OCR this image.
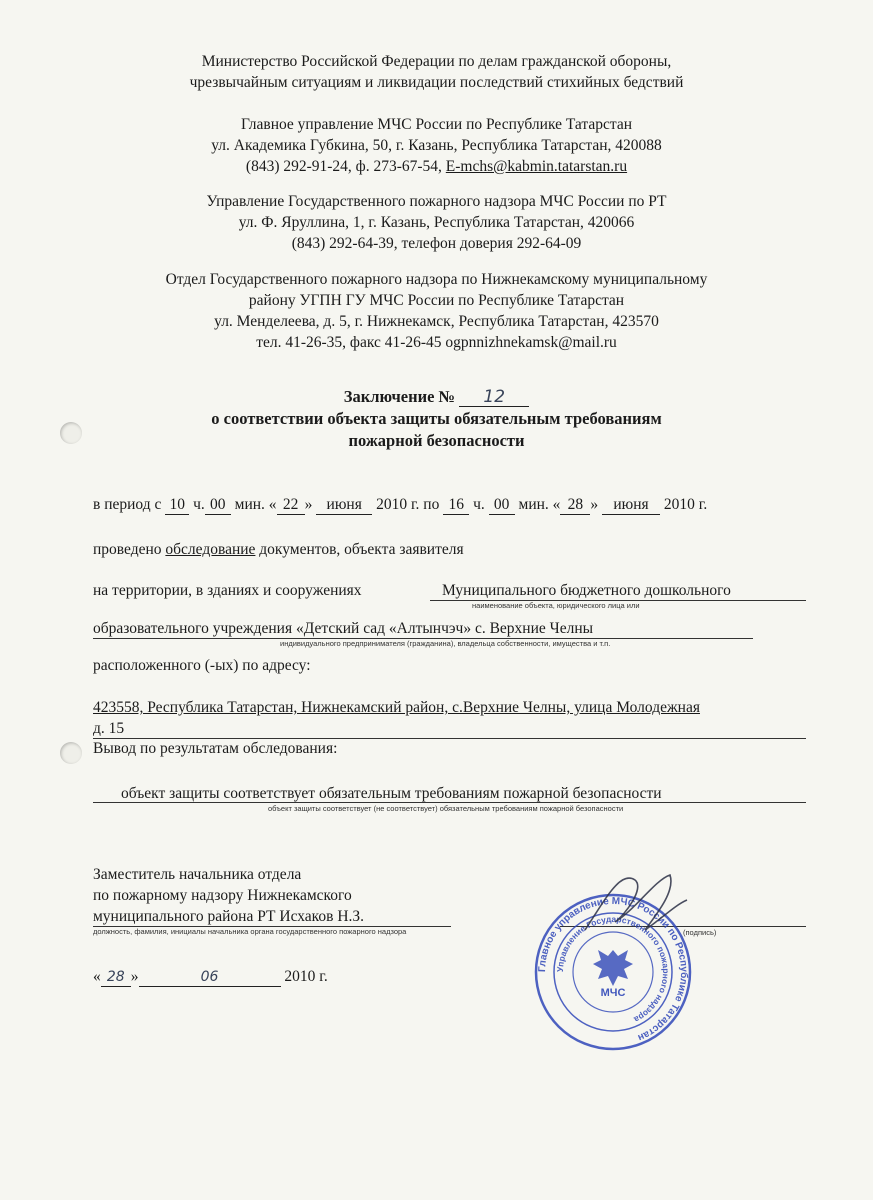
Министерство Российской Федерации по делам гражданской обороны,
чрезвычайным ситуациям и ликвидации последствий стихийных бедствий
Главное управление МЧС России по Республике Татарстан
ул. Академика Губкина, 50, г. Казань, Республика Татарстан, 420088
(843) 292-91-24, ф. 273-67-54, E-mchs@kabmin.tatarstan.ru
Управление Государственного пожарного надзора МЧС России по РТ
ул. Ф. Яруллина, 1, г. Казань, Республика Татарстан, 420066
(843) 292-64-39, телефон доверия 292-64-09
Отдел Государственного пожарного надзора по Нижнекамскому муниципальному
району УГПН ГУ МЧС России по Республике Татарстан
ул. Менделеева, д. 5, г. Нижнекамск, Республика Татарстан, 423570
тел. 41-26-35, факс 41-26-45 ogpnnizhnekamsk@mail.ru
Заключение № 12
о соответствии объекта защиты обязательным требованиям
пожарной безопасности
в период с 10 ч. 00 мин. « 22 » июня 2010 г. по 16 ч. 00 мин. « 28 » июня 2010 г.
проведено обследование документов, объекта заявителя
на территории, в зданиях и сооружениях	Муниципального бюджетного дошкольного
наименование объекта, юридического лица или
образовательного учреждения «Детский сад «Алтынчэч» с. Верхние Челны
индивидуального предпринимателя (гражданина), владельца собственности, имущества и т.п.
расположенного (-ых) по адресу:
423558, Республика Татарстан, Нижнекамский район, с.Верхние Челны, улица Молодежная
д. 15
Вывод по результатам обследования:
объект защиты соответствует обязательным требованиям пожарной безопасности
объект защиты соответствует (не соответствует) обязательным требованиям пожарной безопасности
Заместитель начальника отдела
по пожарному надзору Нижнекамского
муниципального района РТ Исхаков Н.З.
должность, фамилия, инициалы начальника органа государственного пожарного надзора	(подпись)
« 28 »	06	2010 г.	Главное управление МЧС России по Республике Татарстан
Управление Государственного пожарного надзора
МЧС
